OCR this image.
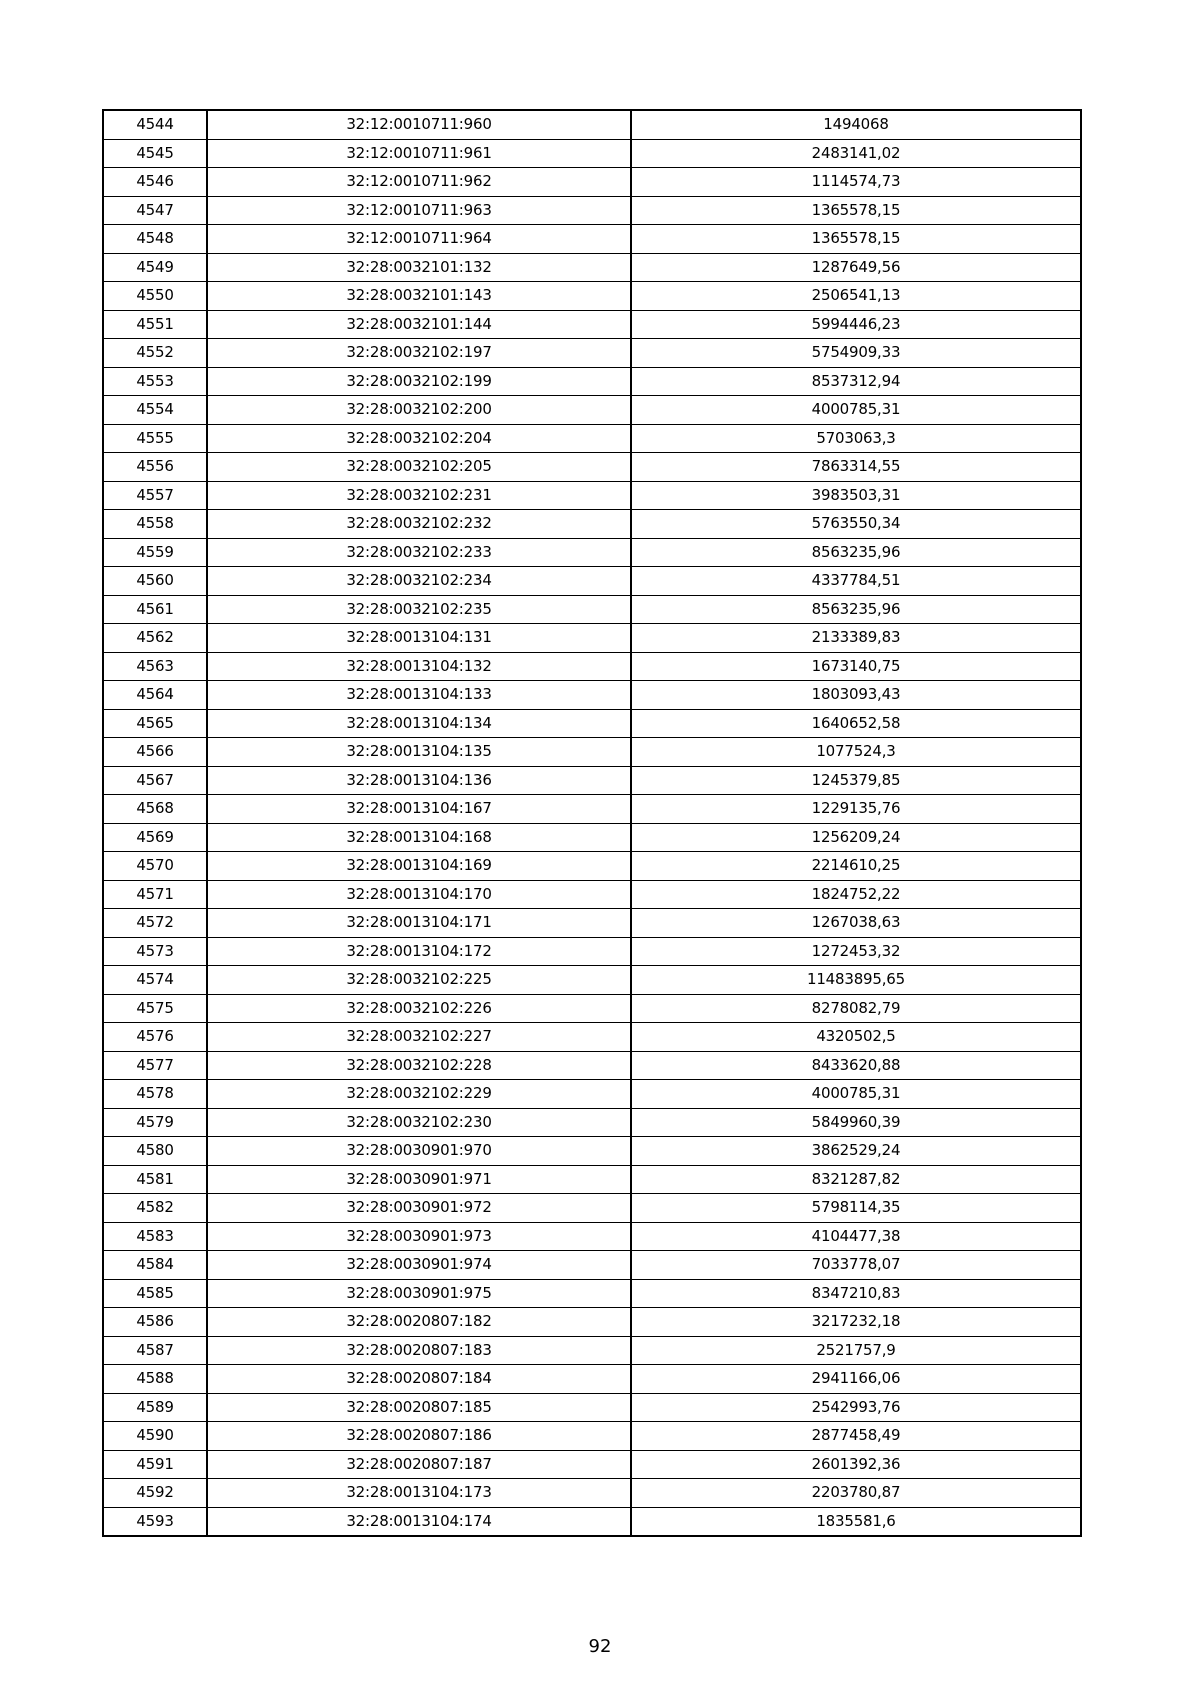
4544	32:12:0010711:960	1494068
4545	32:12:0010711:961	2483141,02
4546	32:12:0010711:962	1114574,73
4547	32:12:0010711:963	1365578,15
4548	32:12:0010711:964	1365578,15
4549	32:28:0032101:132	1287649,56
4550	32:28:0032101:143	2506541,13
4551	32:28:0032101:144	5994446,23
4552	32:28:0032102:197	5754909,33
4553	32:28:0032102:199	8537312,94
4554	32:28:0032102:200	4000785,31
4555	32:28:0032102:204	5703063,3
4556	32:28:0032102:205	7863314,55
4557	32:28:0032102:231	3983503,31
4558	32:28:0032102:232	5763550,34
4559	32:28:0032102:233	8563235,96
4560	32:28:0032102:234	4337784,51
4561	32:28:0032102:235	8563235,96
4562	32:28:0013104:131	2133389,83
4563	32:28:0013104:132	1673140,75
4564	32:28:0013104:133	1803093,43
4565	32:28:0013104:134	1640652,58
4566	32:28:0013104:135	1077524,3
4567	32:28:0013104:136	1245379,85
4568	32:28:0013104:167	1229135,76
4569	32:28:0013104:168	1256209,24
4570	32:28:0013104:169	2214610,25
4571	32:28:0013104:170	1824752,22
4572	32:28:0013104:171	1267038,63
4573	32:28:0013104:172	1272453,32
4574	32:28:0032102:225	11483895,65
4575	32:28:0032102:226	8278082,79
4576	32:28:0032102:227	4320502,5
4577	32:28:0032102:228	8433620,88
4578	32:28:0032102:229	4000785,31
4579	32:28:0032102:230	5849960,39
4580	32:28:0030901:970	3862529,24
4581	32:28:0030901:971	8321287,82
4582	32:28:0030901:972	5798114,35
4583	32:28:0030901:973	4104477,38
4584	32:28:0030901:974	7033778,07
4585	32:28:0030901:975	8347210,83
4586	32:28:0020807:182	3217232,18
4587	32:28:0020807:183	2521757,9
4588	32:28:0020807:184	2941166,06
4589	32:28:0020807:185	2542993,76
4590	32:28:0020807:186	2877458,49
4591	32:28:0020807:187	2601392,36
4592	32:28:0013104:173	2203780,87
4593	32:28:0013104:174	1835581,6
92
